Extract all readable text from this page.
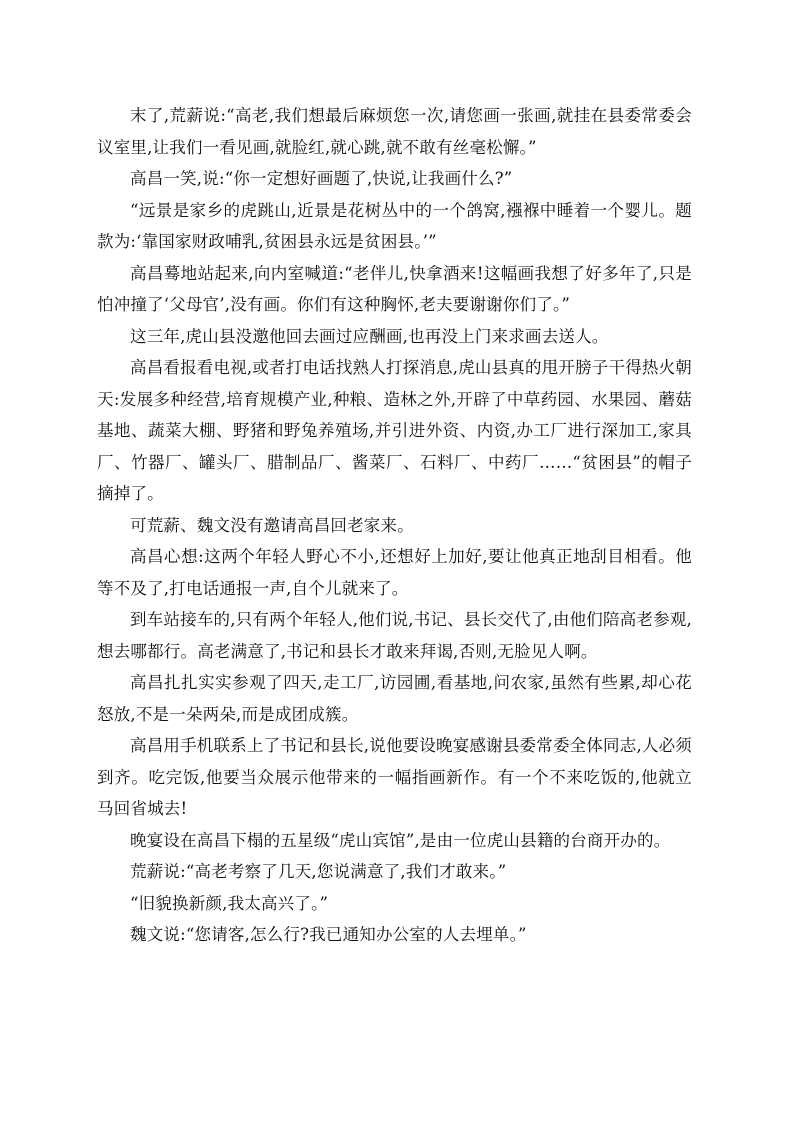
末了,荒薪说:“高老,我们想最后麻烦您一次,请您画一张画,就挂在县委常委会议室里,让我们一看见画,就脸红,就心跳,就不敢有丝毫松懈。”

高昌一笑,说:“你一定想好画题了,快说,让我画什么?”

“远景是家乡的虎跳山,近景是花树丛中的一个鸽窝,襁褓中睡着一个婴儿。题款为:‘靠国家财政哺乳,贫困县永远是贫困县。’”

高昌蓦地站起来,向内室喊道:“老伴儿,快拿酒来!这幅画我想了好多年了,只是怕冲撞了‘父母官’,没有画。你们有这种胸怀,老夫要谢谢你们了。”

这三年,虎山县没邀他回去画过应酬画,也再没上门来求画去送人。

高昌看报看电视,或者打电话找熟人打探消息,虎山县真的甩开膀子干得热火朝天:发展多种经营,培育规模产业,种粮、造林之外,开辟了中草药园、水果园、蘑菇基地、蔬菜大棚、野猪和野兔养殖场,并引进外资、内资,办工厂进行深加工,家具厂、竹器厂、罐头厂、腊制品厂、酱菜厂、石料厂、中药厂……“贫困县”的帽子摘掉了。

可荒薪、魏文没有邀请高昌回老家来。

高昌心想:这两个年轻人野心不小,还想好上加好,要让他真正地刮目相看。他等不及了,打电话通报一声,自个儿就来了。

到车站接车的,只有两个年轻人,他们说,书记、县长交代了,由他们陪高老参观,想去哪都行。高老满意了,书记和县长才敢来拜谒,否则,无脸见人啊。

高昌扎扎实实参观了四天,走工厂,访园圃,看基地,问农家,虽然有些累,却心花怒放,不是一朵两朵,而是成团成簇。

高昌用手机联系上了书记和县长,说他要设晚宴感谢县委常委全体同志,人必须到齐。吃完饭,他要当众展示他带来的一幅指画新作。有一个不来吃饭的,他就立马回省城去!

晚宴设在高昌下榻的五星级“虎山宾馆”,是由一位虎山县籍的台商开办的。

荒薪说:“高老考察了几天,您说满意了,我们才敢来。”

“旧貌换新颜,我太高兴了。”

魏文说:“您请客,怎么行?我已通知办公室的人去埋单。”
